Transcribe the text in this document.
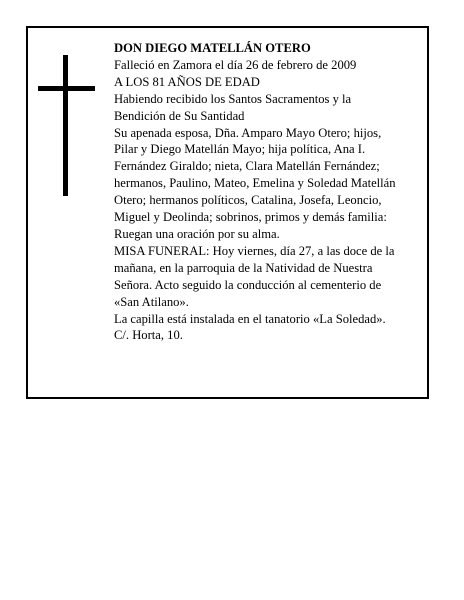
DON DIEGO MATELLÁN OTERO
Falleció en Zamora el día 26 de febrero de 2009
A LOS 81 AÑOS DE EDAD
Habiendo recibido los Santos Sacramentos y la
Bendición de Su Santidad
Su apenada esposa, Dña. Amparo Mayo Otero; hijos,
Pilar y Diego Matellán Mayo; hija política, Ana I.
Fernández Giraldo; nieta, Clara Matellán Fernández;
hermanos, Paulino, Mateo, Emelina y Soledad Matellán
Otero; hermanos políticos, Catalina, Josefa, Leoncio,
Miguel y Deolinda; sobrinos, primos y demás familia:
Ruegan una oración por su alma.
MISA FUNERAL: Hoy viernes, día 27, a las doce de la
mañana, en la parroquia de la Natividad de Nuestra
Señora. Acto seguido la conducción al cementerio de
«San Atilano».
La capilla está instalada en el tanatorio «La Soledad».
C/. Horta, 10.
